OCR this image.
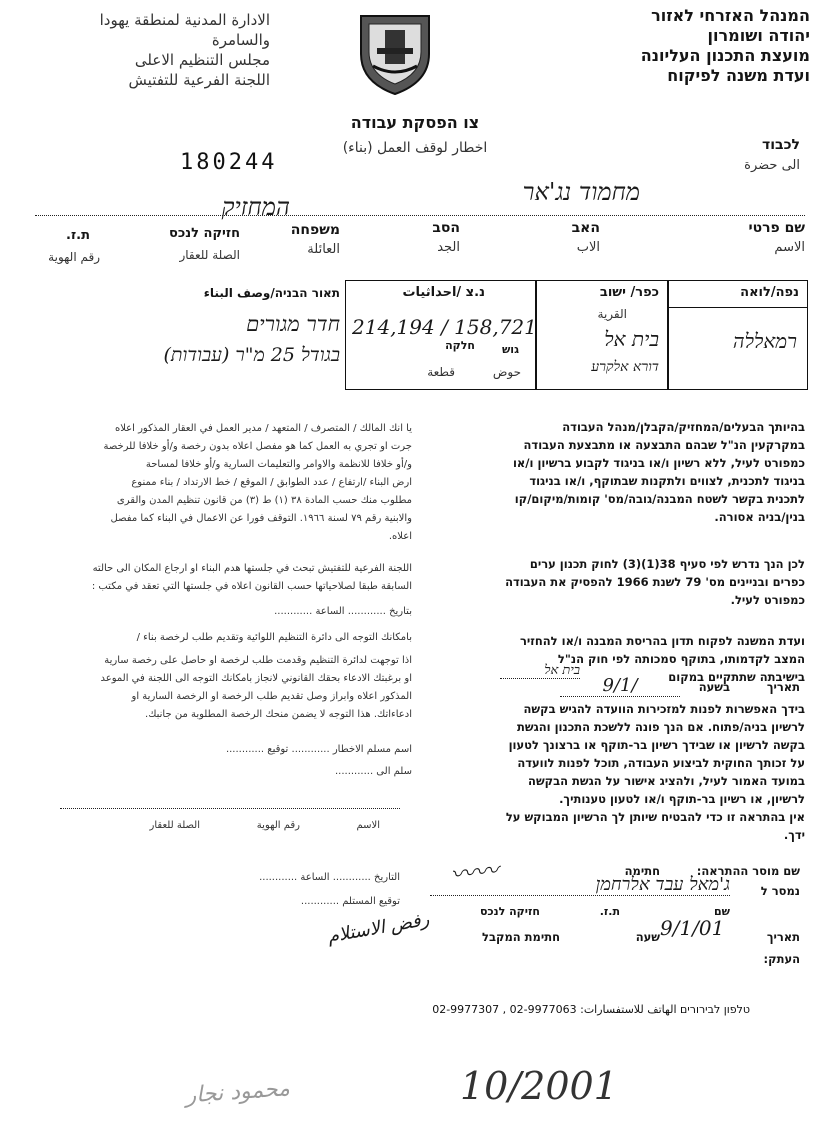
המנהל האזרחי לאזור
יהודה ושומרון
מועצת התכנון העליונה
ועדת משנה לפיקוח
الادارة المدنية لمنطقة يهودا
والسامرة
مجلس التنظيم الاعلى
اللجنة الفرعية للتفتيش
צו הפסקת עבודה
اخطار لوقف العمل (بناء)
180244
לכבוד
الى حضرة
מחמוד נג'אר
המחזיק
שם פרטי
האב
הסב
משפחה
חזיקה לנכס
ת.ז.
الاسم
الاب
الجد
العائلة
الصلة للعقار
رقم الهوية
נפה/לואה
רמאללה
כפר/ ישוב
القرية
בית אל
דורא אלקרע
נ.צ /احداثيات
214,194 / 158,721
גוש
חלקה
حوض
قطعة
תאור הבניה/وصف البناء
חדר מגורים
בגודל 25 מ"ר (עבודות)
בהיותך הבעלים/המחזיק/הקבלן/מנהל העבודה
במקרקעין הנ"ל שבהם התבצעה או מתבצעת העבודה
כמפורט לעיל, ללא רשיון ו/או בניגוד לקבוע ברשיון ו/או
בניגוד לתכנית, לצווים ולתקנות שבתוקף, ו/או בניגוד
לתכנית בקשר לשטח המבנה/גובה/מס' קומות/מיקום/קו
בנין/בניה אסורה.
לכן הנך נדרש לפי סעיף 38(1)(3) לחוק תכנון ערים
כפרים ובניינים מס' 79 לשנת 1966 להפסיק את העבודה
כמפורט לעיל.
ועדת המשנה לפקוח תדון בהריסת המבנה ו/או להחזיר
המצב לקדמותו, בתוקף סמכותה לפי חוק הנ"ל
בישיבתה שתתקיים במקום
בית אל
תאריך
9/1/	בשעה
בידך האפשרות לפנות למזכירות הוועדה להגיש בקשה
לרשיון בניה/פתוח. אם הנך פונה ללשכת התכנון והגשת
בקשה לרשיון או שבידך רשיון בר-תוקף או ברצונך לטעון
על זכותך החוקית לביצוע העבודה, תוכל לפנות לוועדה
במועד האמור לעיל, ולהציג אישור על הגשת הבקשה
לרשיון, או רשיון בר-תוקף ו/או לטעון טענותיך.
אין בהתראה זו כדי להבטיח שיותן לך הרשיון המבוקש על
ידך.
يا انك المالك / المتصرف / المتعهد / مدير العمل في العقار المذكور اعلاه
جرت او تجري به العمل كما هو مفصل اعلاه بدون رخصة و/أو خلافا للرخصة
و/أو خلافا للانظمة والاوامر والتعليمات السارية و/أو خلافا لمساحة
ارض البناء /ارتفاع / عدد الطوابق / الموقع / خط الارتداد / بناء ممنوع
مطلوب منك حسب المادة ٣٨ (١) ط (٣) من قانون تنظيم المدن والقرى
والابنية رقم ٧٩ لسنة ١٩٦٦. التوقف فورا عن الاعمال في البناء كما مفصل
اعلاه.
اللجنة الفرعية للتفتيش تبحث في جلستها هدم البناء او ارجاع المكان الى حالته
السابقة طبقا لصلاحياتها حسب القانون اعلاه في جلستها التي تعقد في مكتب :
بتاريخ ............ الساعة ............
بامكانك التوجه الى دائرة التنظيم اللوائية وتقديم طلب لرخصة بناء /
اذا توجهت لدائرة التنظيم وقدمت طلب لرخصة او حاصل على رخصة سارية
او برغبتك الادعاء بحقك القانوني لانجاز بامكانك التوجه الى اللجنة في الموعد
المذكور اعلاه وابراز وصل تقديم طلب الرخصة او الرخصة السارية او
ادعاءاتك. هذا التوجه لا يضمن منحك الرخصة المطلوبة من جانبك.
اسم مسلم الاخطار ............ توقيع ............
سلم الى ............
الاسم
رقم الهوية
الصلة للعقار
التاريخ ............ الساعة ............
توقيع المستلم ............
رفض الاستلام
שם מוסר ההתראה:
חתימה
〰〰
נמסר ל
ג'מאל עבד אלרחמן
שם
ת.ז.
חזיקה לנכס
תאריך
9/1/01
שעה
חתימת המקבל
העתק:
טלפון לבירורים الهاتف للاستفسارات: 02-9977307 , 02-9977063
محمود نجار	10/2001
